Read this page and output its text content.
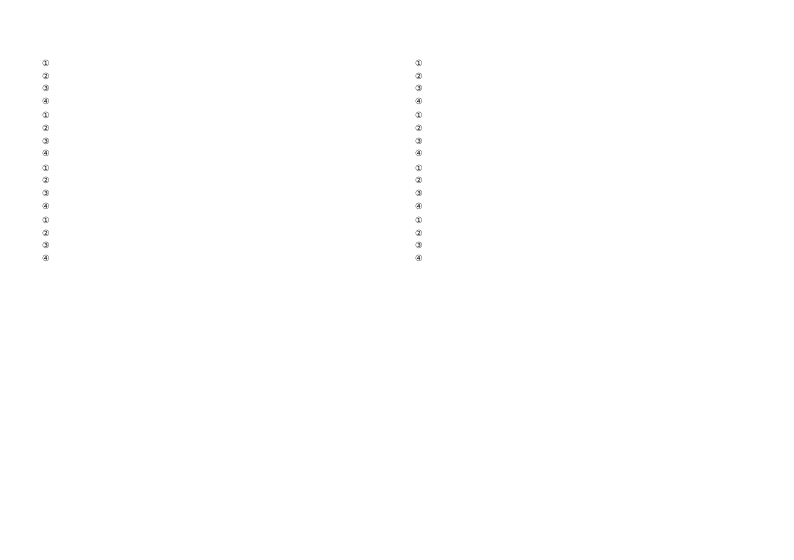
①

②

③

④

①

②

③

④

①

②

③

④

①

②

③

④

①

②

③

④

①

②

③

④

①

②

③

④

①

②

③

④
